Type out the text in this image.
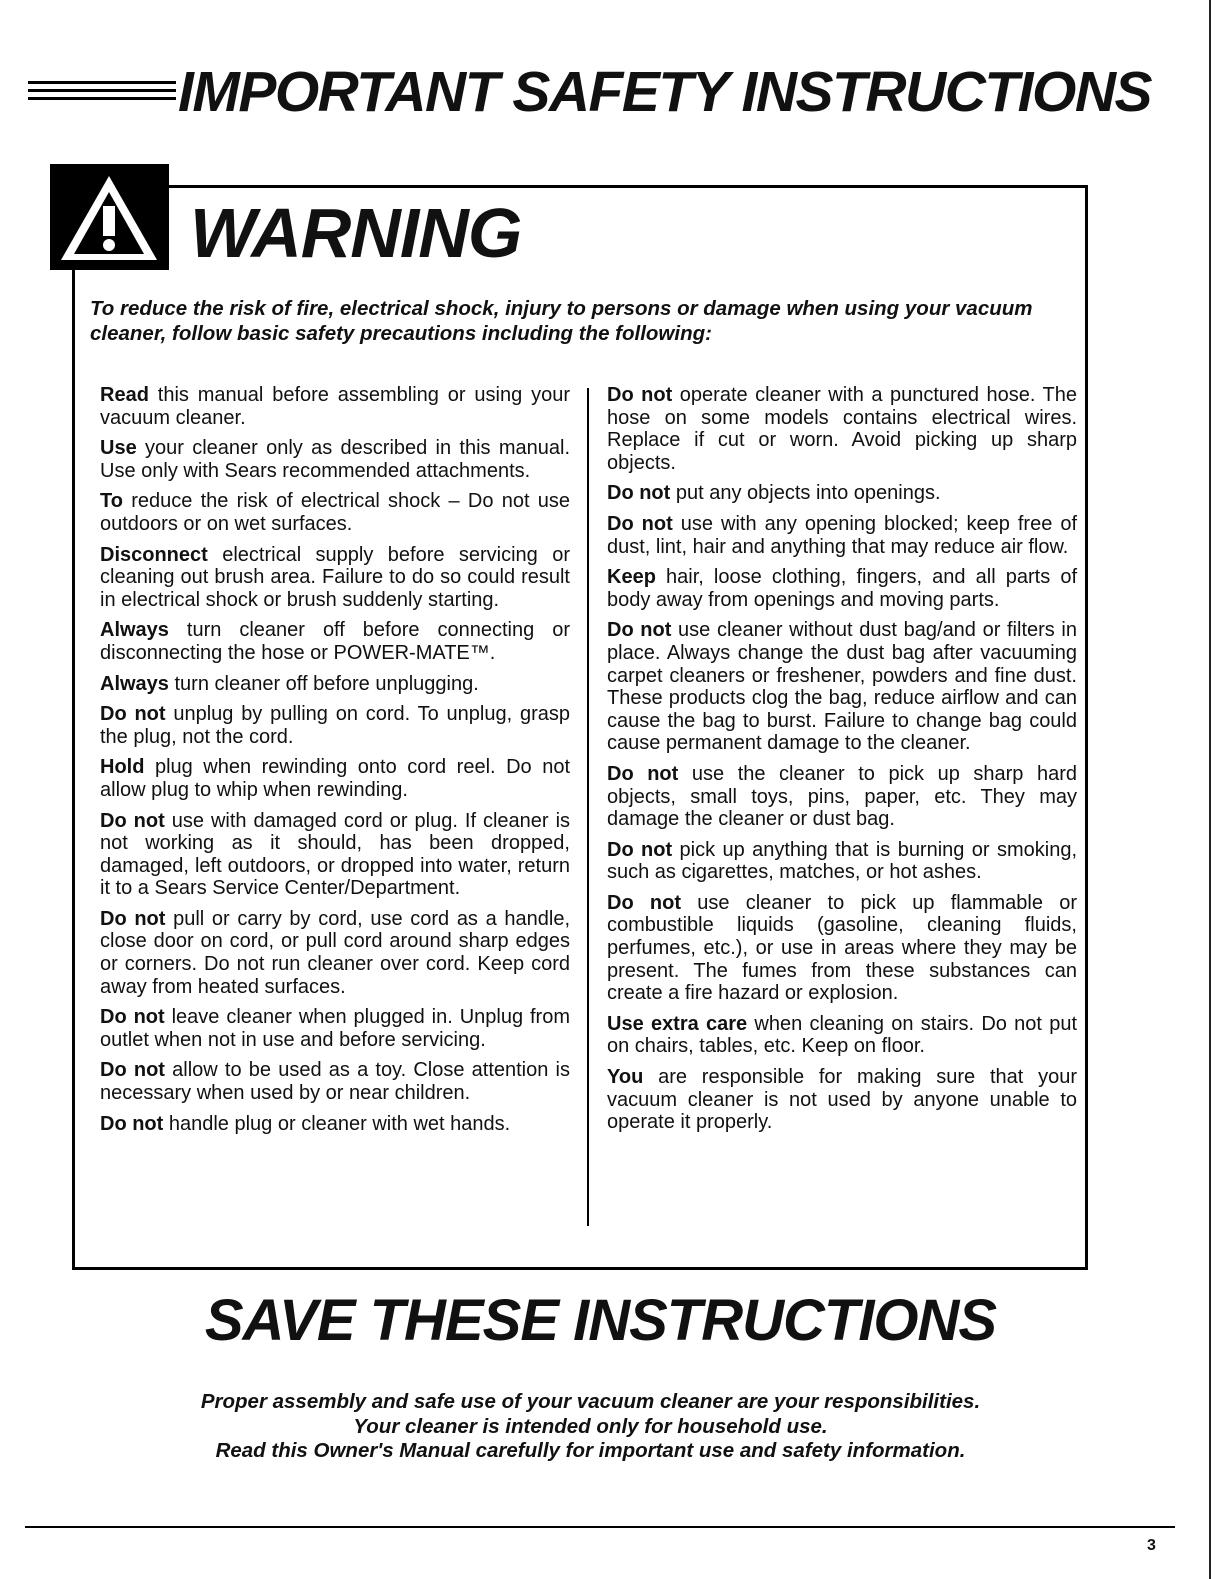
IMPORTANT SAFETY INSTRUCTIONS
WARNING
To reduce the risk of fire, electrical shock, injury to persons or damage when using your vacuum cleaner, follow basic safety precautions including the following:

Read this manual before assembling or using your vacuum cleaner.

Use your cleaner only as described in this manual. Use only with Sears recommended attachments.

To reduce the risk of electrical shock – Do not use outdoors or on wet surfaces.

Disconnect electrical supply before servicing or cleaning out brush area. Failure to do so could result in electrical shock or brush suddenly starting.

Always turn cleaner off before connecting or disconnecting the hose or POWER-MATE™.

Always turn cleaner off before unplugging.

Do not unplug by pulling on cord. To unplug, grasp the plug, not the cord.

Hold plug when rewinding onto cord reel. Do not allow plug to whip when rewinding.

Do not use with damaged cord or plug. If cleaner is not working as it should, has been dropped, damaged, left outdoors, or dropped into water, return it to a Sears Service Center/Department.

Do not pull or carry by cord, use cord as a handle, close door on cord, or pull cord around sharp edges or corners. Do not run cleaner over cord. Keep cord away from heated surfaces.

Do not leave cleaner when plugged in. Unplug from outlet when not in use and before servicing.

Do not allow to be used as a toy. Close attention is necessary when used by or near children.

Do not handle plug or cleaner with wet hands.

Do not operate cleaner with a punctured hose. The hose on some models contains electrical wires. Replace if cut or worn. Avoid picking up sharp objects.

Do not put any objects into openings.

Do not use with any opening blocked; keep free of dust, lint, hair and anything that may reduce air flow.

Keep hair, loose clothing, fingers, and all parts of body away from openings and moving parts.

Do not use cleaner without dust bag/and or filters in place. Always change the dust bag after vacuuming carpet cleaners or freshener, powders and fine dust. These products clog the bag, reduce airflow and can cause the bag to burst. Failure to change bag could cause permanent damage to the cleaner.

Do not use the cleaner to pick up sharp hard objects, small toys, pins, paper, etc. They may damage the cleaner or dust bag.

Do not pick up anything that is burning or smoking, such as cigarettes, matches, or hot ashes.

Do not use cleaner to pick up flammable or combustible liquids (gasoline, cleaning fluids, perfumes, etc.), or use in areas where they may be present. The fumes from these substances can create a fire hazard or explosion.

Use extra care when cleaning on stairs. Do not put on chairs, tables, etc. Keep on floor.

You are responsible for making sure that your vacuum cleaner is not used by anyone unable to operate it properly.

SAVE THESE INSTRUCTIONS
Proper assembly and safe use of your vacuum cleaner are your responsibilities.
Your cleaner is intended only for household use.
Read this Owner's Manual carefully for important use and safety information.
3
